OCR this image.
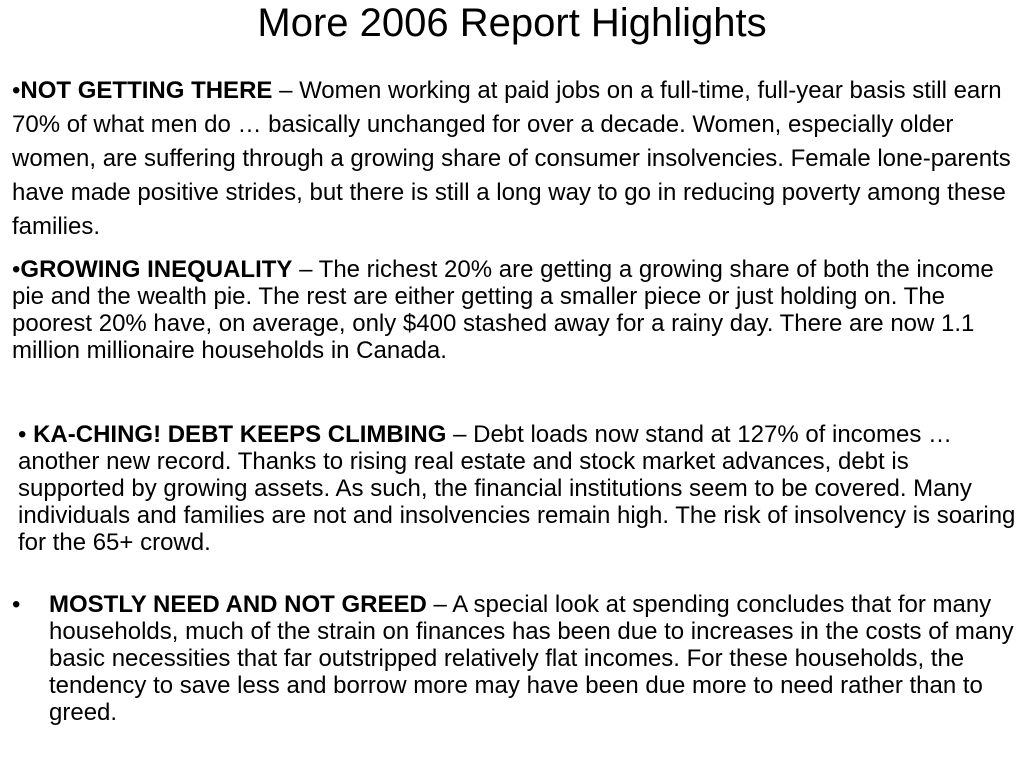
More 2006 Report Highlights

•NOT GETTING THERE – Women working at paid jobs on a full-time, full-year basis still earn 70% of what men do … basically unchanged for over a decade. Women, especially older women, are suffering through a growing share of consumer insolvencies. Female lone-parents have made positive strides, but there is still a long way to go in reducing poverty among these families.

•GROWING INEQUALITY – The richest 20% are getting a growing share of both the income pie and the wealth pie. The rest are either getting a smaller piece or just holding on. The poorest 20% have, on average, only $400 stashed away for a rainy day. There are now 1.1 million millionaire households in Canada.

• KA-CHING! DEBT KEEPS CLIMBING – Debt loads now stand at 127% of incomes … another new record. Thanks to rising real estate and stock market advances, debt is supported by growing assets. As such, the financial institutions seem to be covered. Many individuals and families are not and insolvencies remain high. The risk of insolvency is soaring for the 65+ crowd.

•	MOSTLY NEED AND NOT GREED – A special look at spending concludes that for many households, much of the strain on finances has been due to increases in the costs of many basic necessities that far outstripped relatively flat incomes. For these households, the tendency to save less and borrow more may have been due more to need rather than to greed.
